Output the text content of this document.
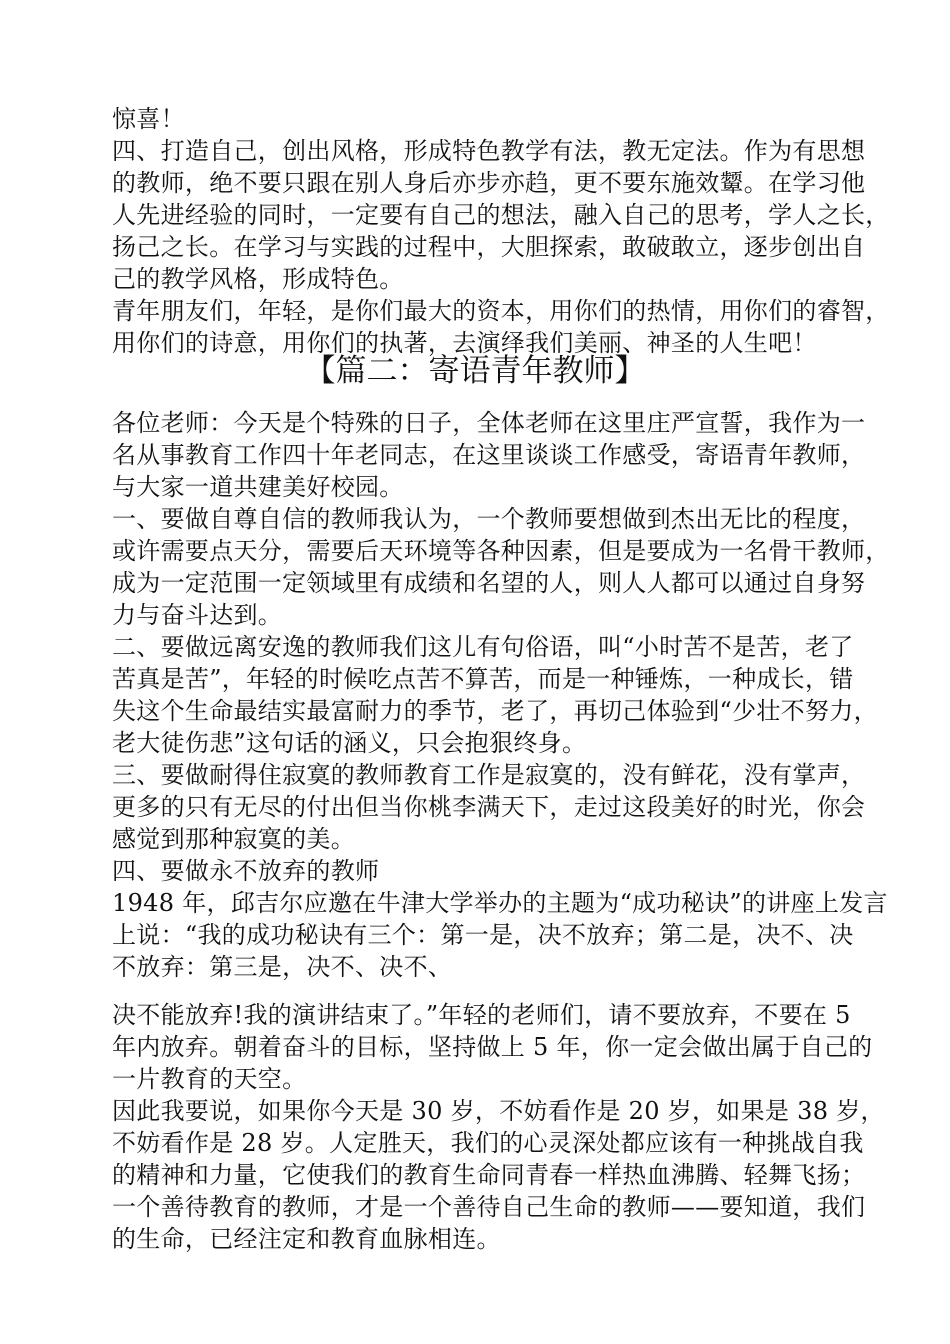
惊喜！
四、打造自己，创出风格，形成特色教学有法，教无定法。作为有思想
的教师，绝不要只跟在别人身后亦步亦趋，更不要东施效颦。在学习他
人先进经验的同时，一定要有自己的想法，融入自己的思考，学人之长，
扬己之长。在学习与实践的过程中，大胆探索，敢破敢立，逐步创出自
己的教学风格，形成特色。
青年朋友们，年轻，是你们最大的资本，用你们的热情，用你们的睿智，
用你们的诗意，用你们的执著，去演绎我们美丽、神圣的人生吧！
【篇二：寄语青年教师】
各位老师：今天是个特殊的日子，全体老师在这里庄严宣誓，我作为一
名从事教育工作四十年老同志，在这里谈谈工作感受，寄语青年教师，
与大家一道共建美好校园。
一、要做自尊自信的教师我认为，一个教师要想做到杰出无比的程度，
或许需要点天分，需要后天环境等各种因素，但是要成为一名骨干教师，
成为一定范围一定领域里有成绩和名望的人，则人人都可以通过自身努
力与奋斗达到。
二、要做远离安逸的教师我们这儿有句俗语，叫“小时苦不是苦，老了
苦真是苦”，年轻的时候吃点苦不算苦，而是一种锤炼，一种成长，错
失这个生命最结实最富耐力的季节，老了，再切己体验到“少壮不努力，
老大徒伤悲”这句话的涵义，只会抱狠终身。
三、要做耐得住寂寞的教师教育工作是寂寞的，没有鲜花，没有掌声，
更多的只有无尽的付出但当你桃李满天下，走过这段美好的时光，你会
感觉到那种寂寞的美。
四、要做永不放弃的教师
1948 年，邱吉尔应邀在牛津大学举办的主题为“成功秘诀”的讲座上发言
上说：“我的成功秘诀有三个：第一是，决不放弃；第二是，决不、决
不放弃：第三是，决不、决不、
决不能放弃!我的演讲结束了。”年轻的老师们，请不要放弃，不要在 5
年内放弃。朝着奋斗的目标，坚持做上 5 年，你一定会做出属于自己的
一片教育的天空。
因此我要说，如果你今天是 30 岁，不妨看作是 20 岁，如果是 38 岁，
不妨看作是 28 岁。人定胜天，我们的心灵深处都应该有一种挑战自我
的精神和力量，它使我们的教育生命同青春一样热血沸腾、轻舞飞扬；
一个善待教育的教师，才是一个善待自己生命的教师——要知道，我们
的生命，已经注定和教育血脉相连。
